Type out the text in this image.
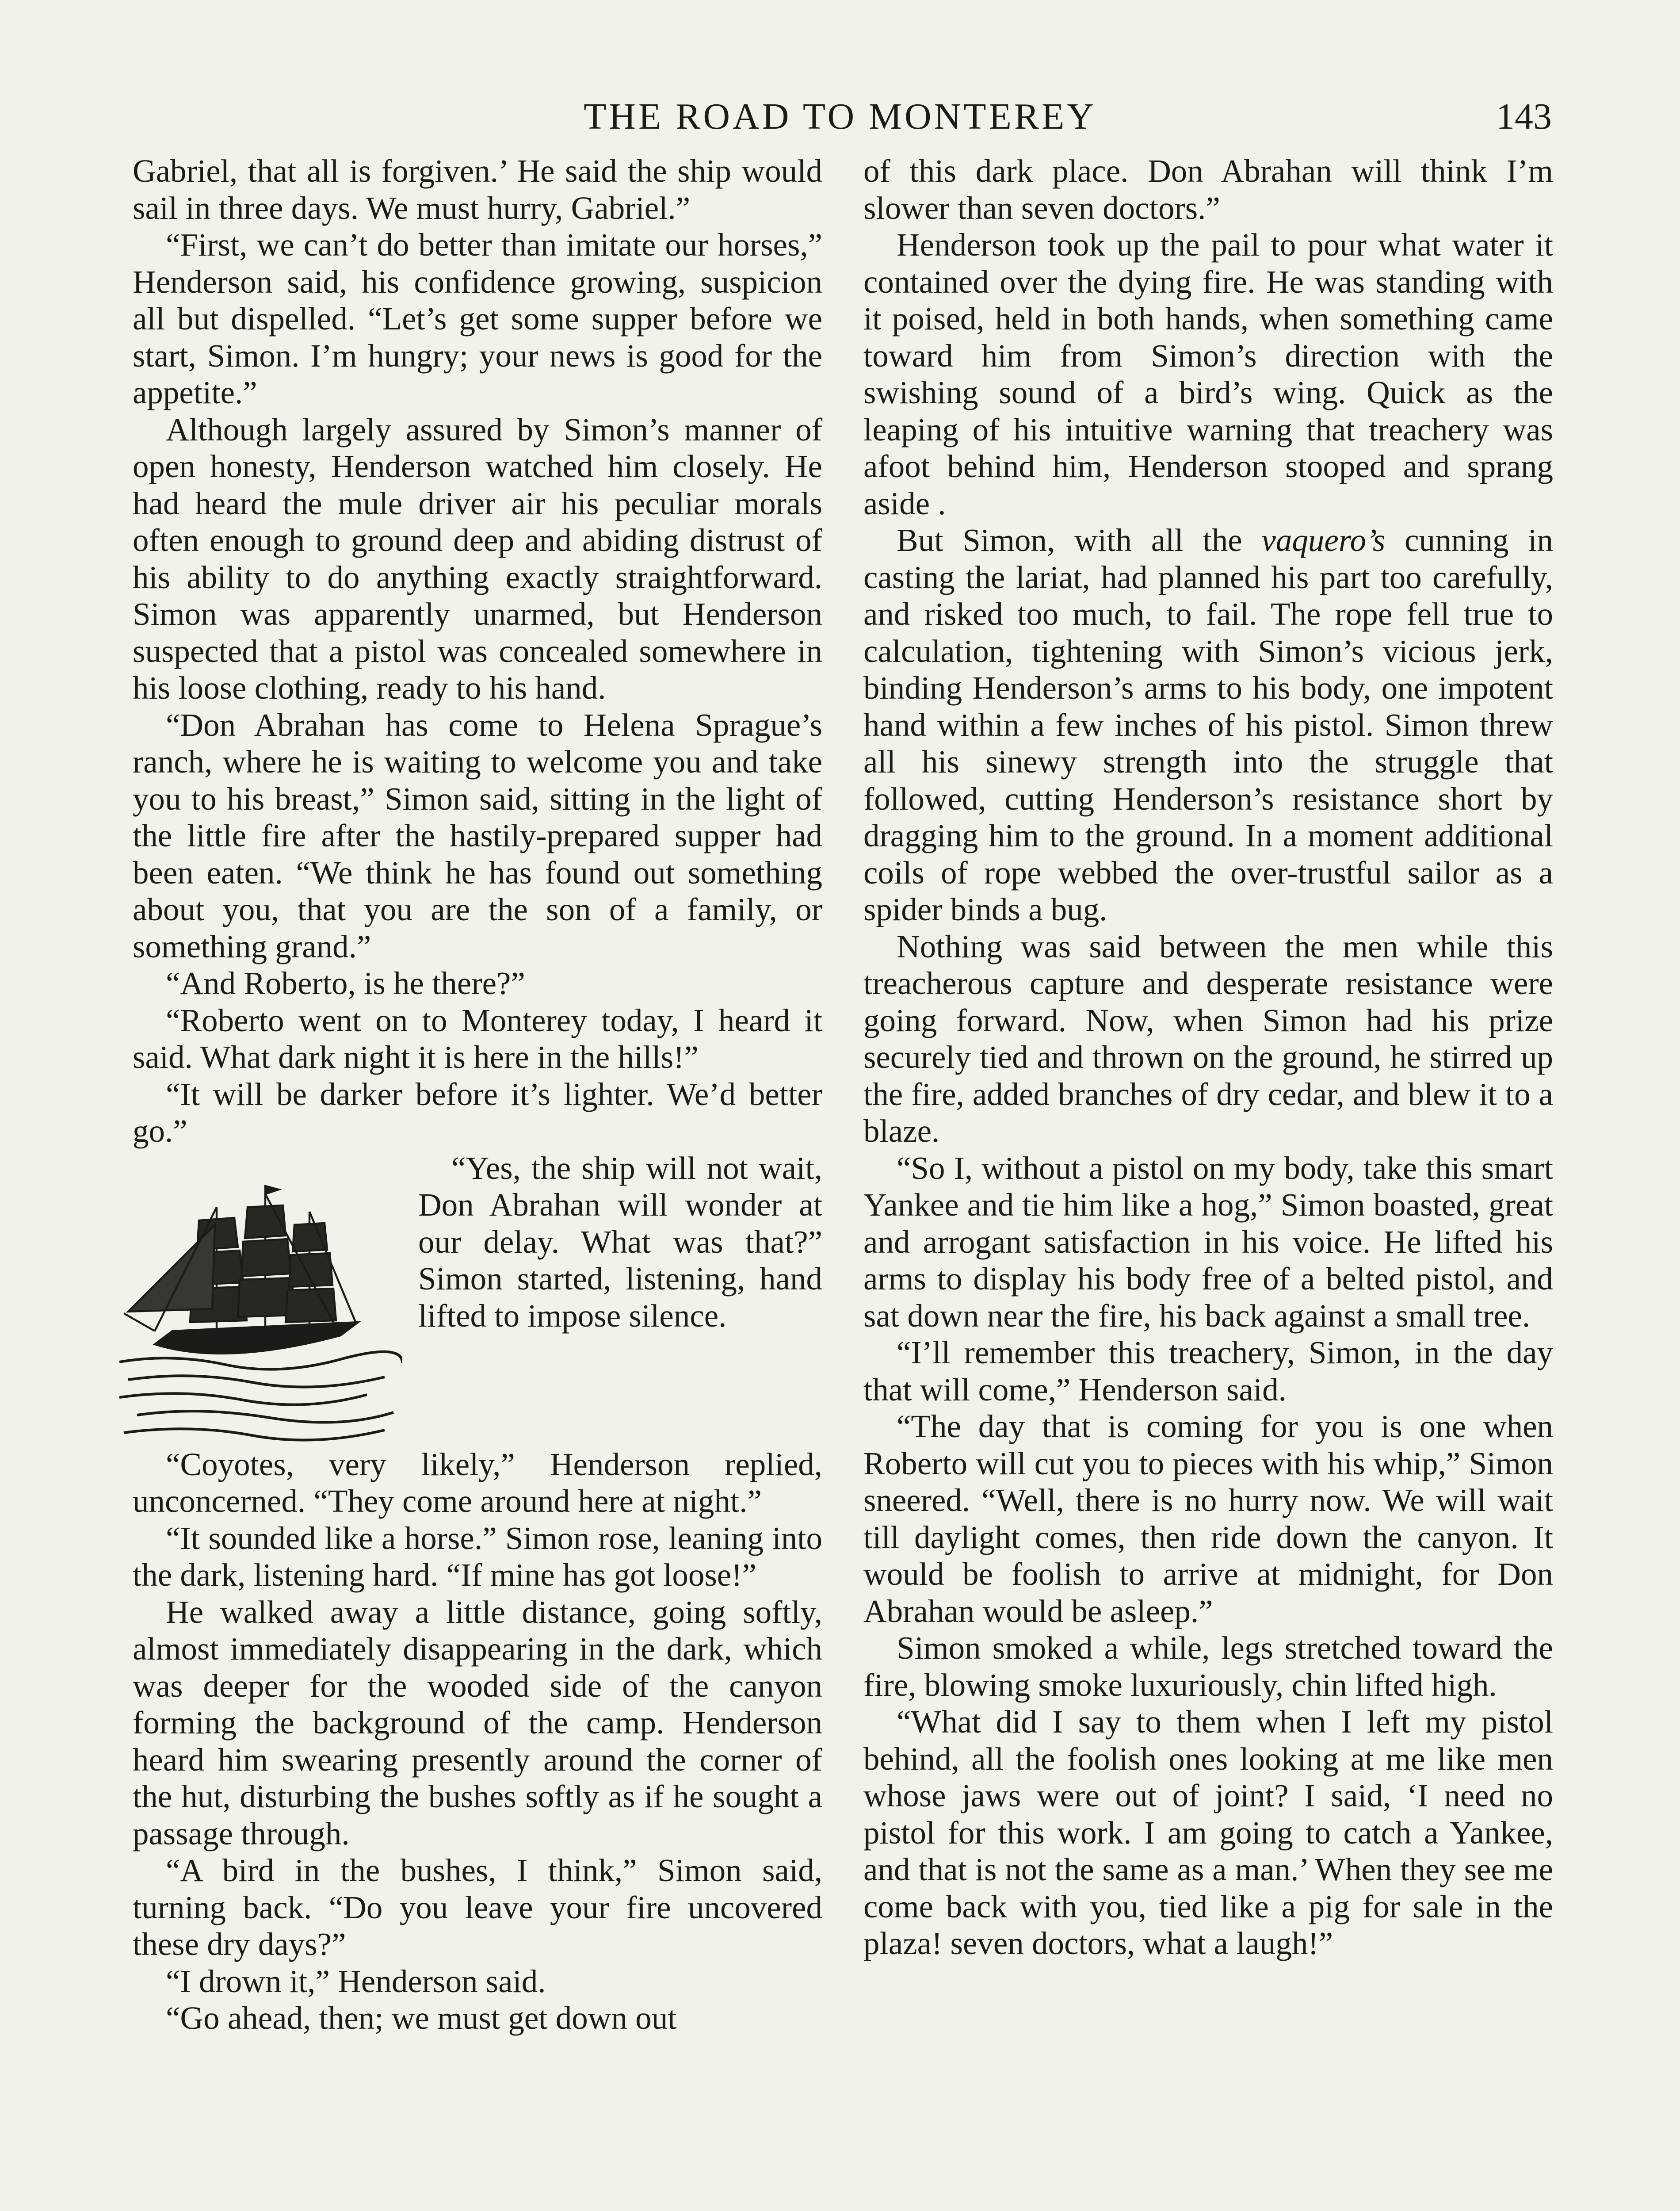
THE ROAD TO MONTEREY	143

Gabriel, that all is forgiven.’ He said the ship would sail in three days. We must hurry, Gabriel.”

“First, we can’t do better than imitate our horses,” Henderson said, his confidence growing, suspicion all but dispelled. “Let’s get some supper before we start, Simon. I’m hungry; your news is good for the appetite.”

Although largely assured by Simon’s manner of open honesty, Henderson watched him closely. He had heard the mule driver air his peculiar morals often enough to ground deep and abiding distrust of his ability to do anything exactly straightforward. Simon was apparently unarmed, but Henderson suspected that a pistol was concealed somewhere in his loose clothing, ready to his hand.

“Don Abrahan has come to Helena Sprague’s ranch, where he is waiting to welcome you and take you to his breast,” Simon said, sitting in the light of the little fire after the hastily-prepared supper had been eaten. “We think he has found out something about you, that you are the son of a family, or something grand.”

“And Roberto, is he there?”

“Roberto went on to Monterey today, I heard it said. What dark night it is here in the hills!”

“It will be darker before it’s lighter. We’d better go.”

“Yes, the ship will not wait, Don Abrahan will wonder at our delay. What was that?” Simon started, listening, hand lifted to impose silence.

“Coyotes, very likely,” Henderson replied, unconcerned. “They come around here at night.”

“It sounded like a horse.” Simon rose, leaning into the dark, listening hard. “If mine has got loose!”

He walked away a little distance, going softly, almost immediately disappearing in the dark, which was deeper for the wooded side of the canyon forming the background of the camp. Henderson heard him swearing presently around the corner of the hut, disturbing the bushes softly as if he sought a passage through.

“A bird in the bushes, I think,” Simon said, turning back. “Do you leave your fire uncovered these dry days?”

“I drown it,” Henderson said.

“Go ahead, then; we must get down out

of this dark place. Don Abrahan will think I’m slower than seven doctors.”

Henderson took up the pail to pour what water it contained over the dying fire. He was standing with it poised, held in both hands, when something came toward him from Simon’s direction with the swishing sound of a bird’s wing. Quick as the leaping of his intuitive warning that treachery was afoot behind him, Henderson stooped and sprang aside .

But Simon, with all the vaquero’s cunning in casting the lariat, had planned his part too carefully, and risked too much, to fail. The rope fell true to calculation, tightening with Simon’s vicious jerk, binding Henderson’s arms to his body, one impotent hand within a few inches of his pistol. Simon threw all his sinewy strength into the struggle that followed, cutting Henderson’s resistance short by dragging him to the ground. In a moment additional coils of rope webbed the over-trustful sailor as a spider binds a bug.

Nothing was said between the men while this treacherous capture and desperate resistance were going forward. Now, when Simon had his prize securely tied and thrown on the ground, he stirred up the fire, added branches of dry cedar, and blew it to a blaze.

“So I, without a pistol on my body, take this smart Yankee and tie him like a hog,” Simon boasted, great and arrogant satisfaction in his voice. He lifted his arms to display his body free of a belted pistol, and sat down near the fire, his back against a small tree.

“I’ll remember this treachery, Simon, in the day that will come,” Henderson said.

“The day that is coming for you is one when Roberto will cut you to pieces with his whip,” Simon sneered. “Well, there is no hurry now. We will wait till daylight comes, then ride down the canyon. It would be foolish to arrive at midnight, for Don Abrahan would be asleep.”

Simon smoked a while, legs stretched toward the fire, blowing smoke luxuriously, chin lifted high.

“What did I say to them when I left my pistol behind, all the foolish ones looking at me like men whose jaws were out of joint? I said, ‘I need no pistol for this work. I am going to catch a Yankee, and that is not the same as a man.’ When they see me come back with you, tied like a pig for sale in the plaza! seven doctors, what a laugh!”
